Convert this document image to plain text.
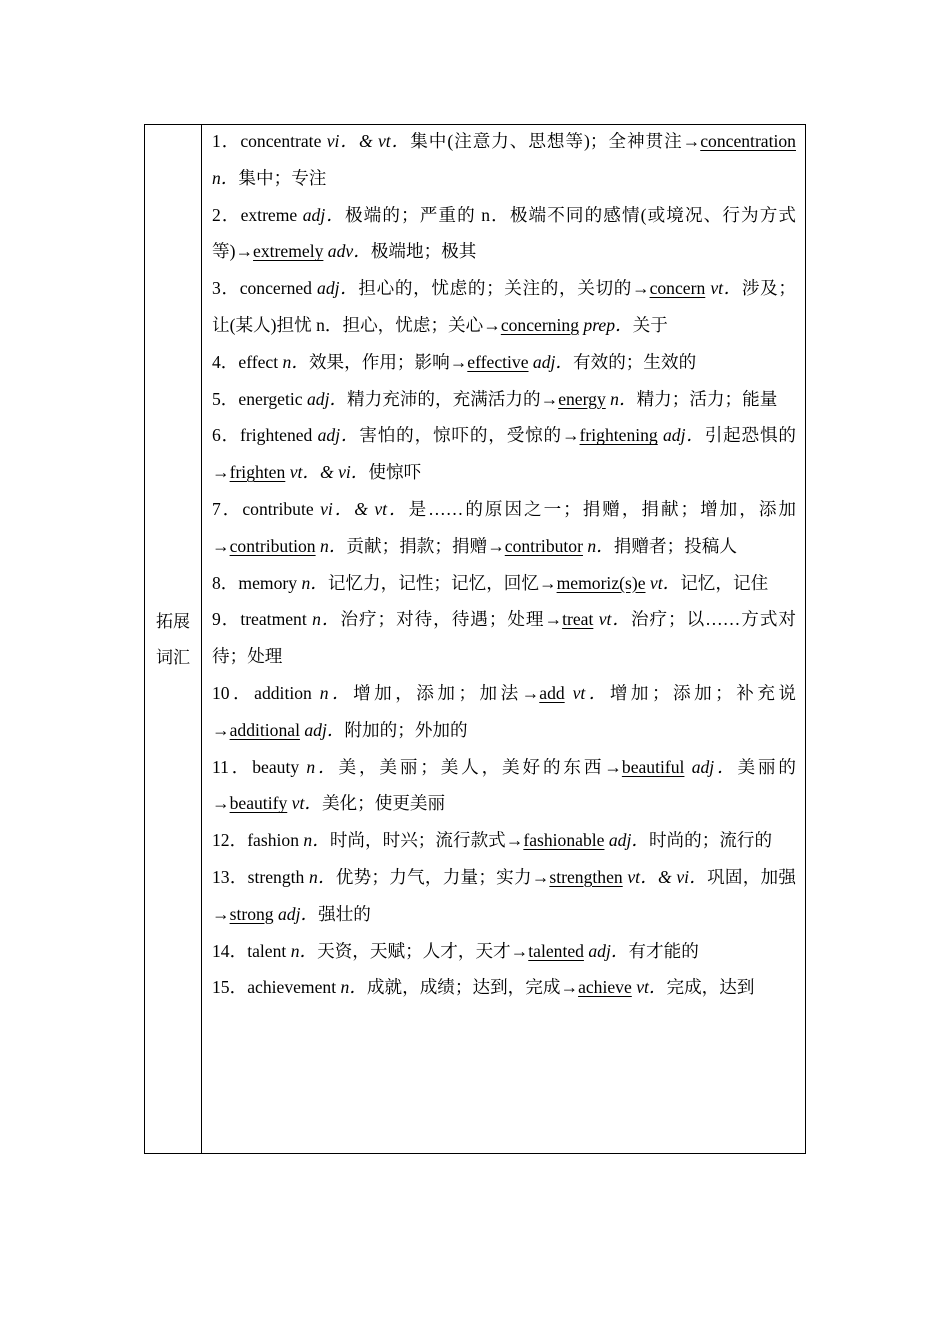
拓展词汇
1．concentrate vi．& vt．集中(注意力、思想等)；全神贯注→concentration n．集中；专注
2．extreme adj．极端的；严重的 n．极端不同的感情(或境况、行为方式等)→extremely adv．极端地；极其
3．concerned adj．担心的，忧虑的；关注的，关切的→concern vt．涉及；让(某人)担忧 n．担心，忧虑；关心→concerning prep．关于
4．effect n．效果，作用；影响→effective adj．有效的；生效的
5．energetic adj．精力充沛的，充满活力的→energy n．精力；活力；能量
6．frightened adj．害怕的，惊吓的，受惊的→frightening adj．引起恐惧的→frighten vt．& vi．使惊吓
7．contribute vi．& vt．是……的原因之一；捐赠，捐献；增加，添加→contribution n．贡献；捐款；捐赠→contributor n．捐赠者；投稿人
8．memory n．记忆力，记性；记忆，回忆→memoriz(s)e vt．记忆，记住
9．treatment n．治疗；对待，待遇；处理→treat vt．治疗；以……方式对待；处理
10．addition n．增加，添加；加法→add vt．增加；添加；补充说→additional adj．附加的；外加的
11．beauty n．美，美丽；美人，美好的东西→beautiful adj．美丽的→beautify vt．美化；使更美丽
12．fashion n．时尚，时兴；流行款式→fashionable adj．时尚的；流行的
13．strength n．优势；力气，力量；实力→strengthen vt．& vi．巩固，加强→strong adj．强壮的
14．talent n．天资，天赋；人才，天才→talented adj．有才能的
15．achievement n．成就，成绩；达到，完成→achieve vt．完成，达到
